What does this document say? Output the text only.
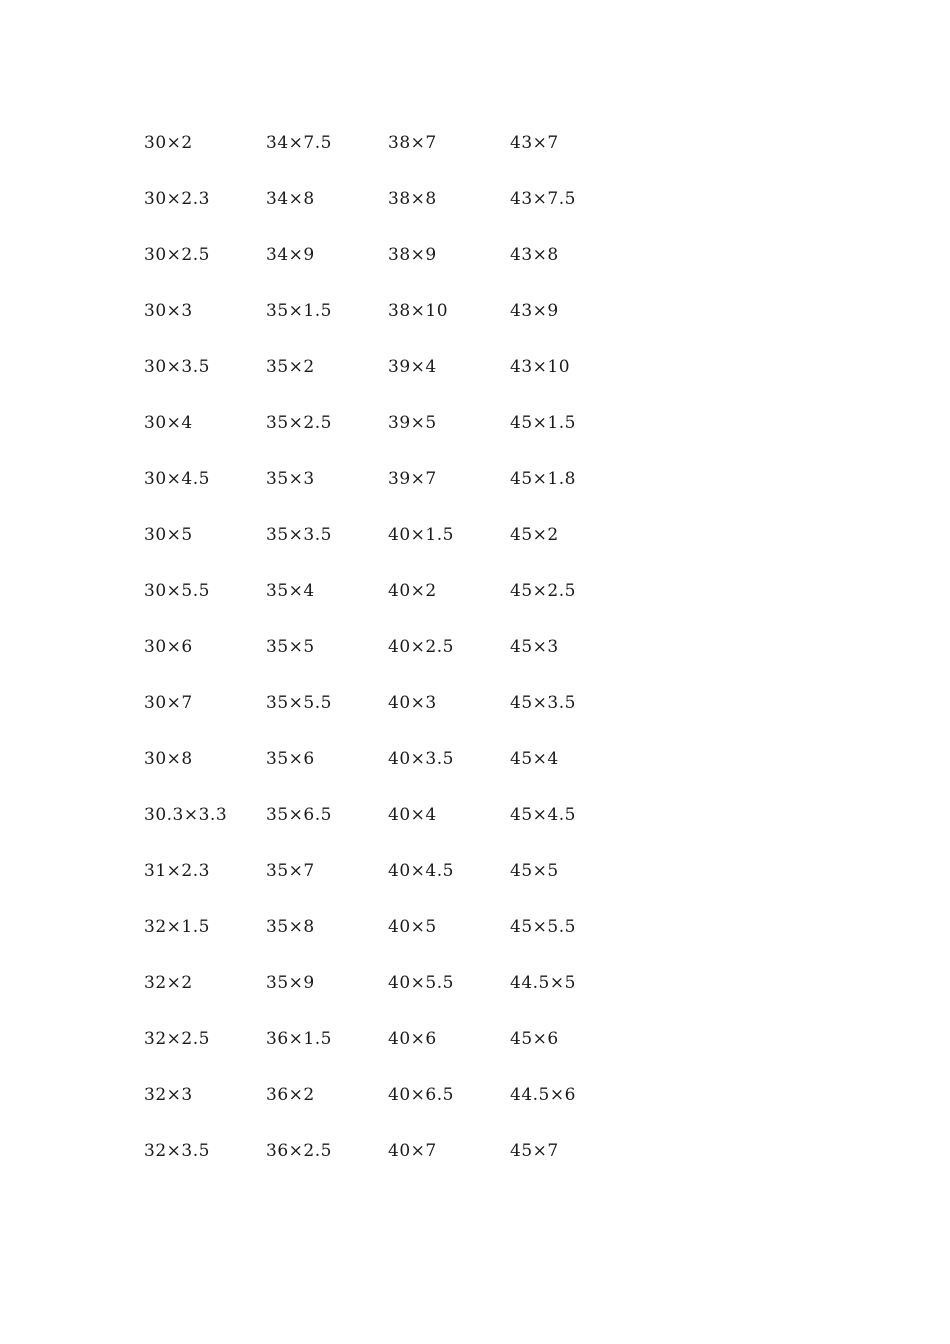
30×2	34×7.5	38×7	43×7
30×2.3	34×8	38×8	43×7.5
30×2.5	34×9	38×9	43×8
30×3	35×1.5	38×10	43×9
30×3.5	35×2	39×4	43×10
30×4	35×2.5	39×5	45×1.5
30×4.5	35×3	39×7	45×1.8
30×5	35×3.5	40×1.5	45×2
30×5.5	35×4	40×2	45×2.5
30×6	35×5	40×2.5	45×3
30×7	35×5.5	40×3	45×3.5
30×8	35×6	40×3.5	45×4
30.3×3.3	35×6.5	40×4	45×4.5
31×2.3	35×7	40×4.5	45×5
32×1.5	35×8	40×5	45×5.5
32×2	35×9	40×5.5	44.5×5
32×2.5	36×1.5	40×6	45×6
32×3	36×2	40×6.5	44.5×6
32×3.5	36×2.5	40×7	45×7
